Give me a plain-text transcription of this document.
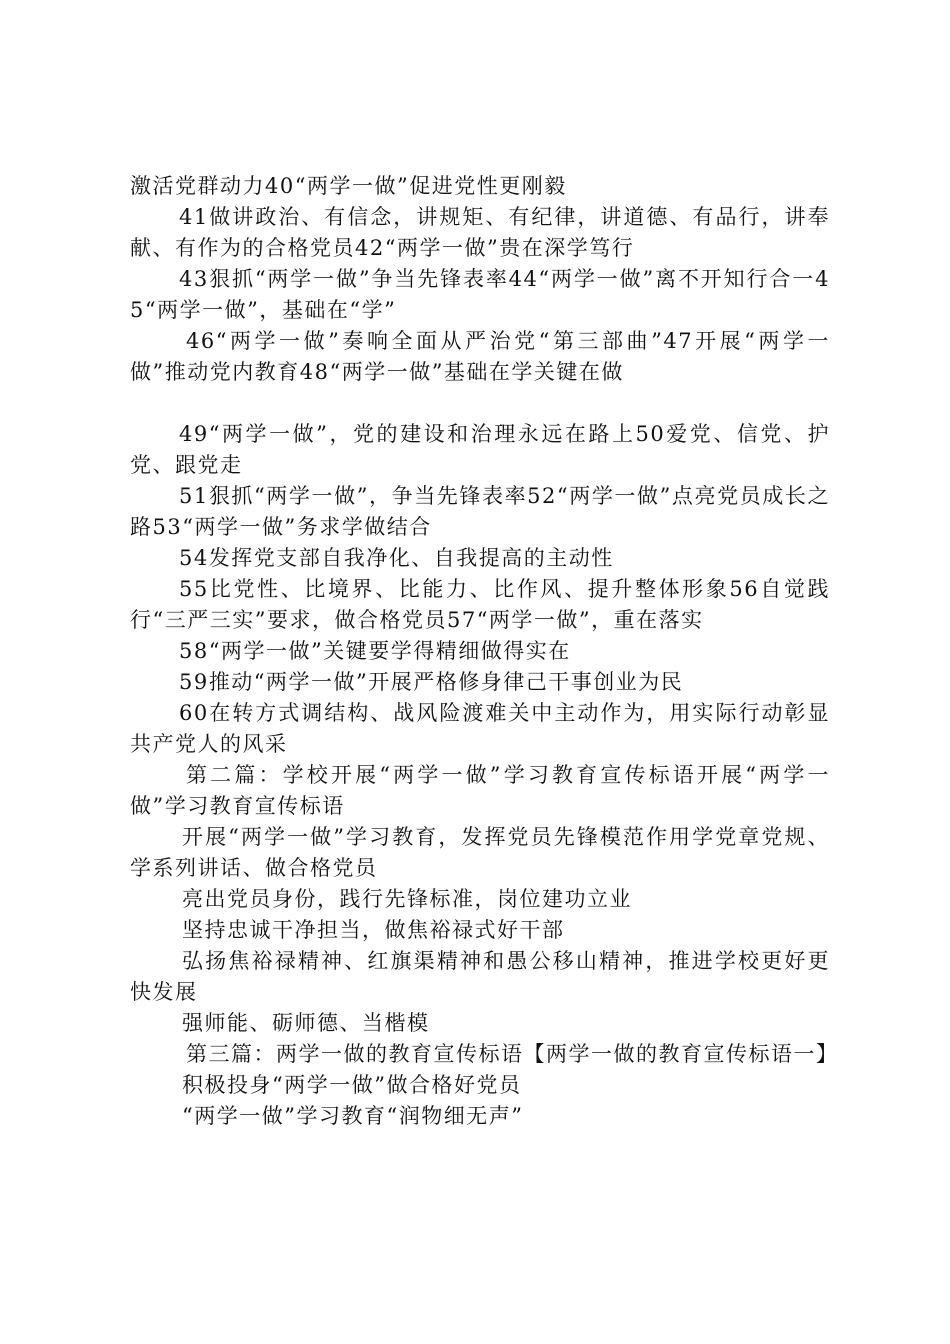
激活党群动力40“两学一做”促进党性更刚毅

41做讲政治、有信念，讲规矩、有纪律，讲道德、有品行，讲奉献、有作为的合格党员42“两学一做”贵在深学笃行

43狠抓“两学一做”争当先锋表率44“两学一做”离不开知行合一45“两学一做”，基础在“学”

46“两学一做”奏响全面从严治党“第三部曲”47开展“两学一做”推动党内教育48“两学一做”基础在学关键在做

49“两学一做”，党的建设和治理永远在路上50爱党、信党、护党、跟党走

51狠抓“两学一做”，争当先锋表率52“两学一做”点亮党员成长之路53“两学一做”务求学做结合

54发挥党支部自我净化、自我提高的主动性

55比党性、比境界、比能力、比作风、提升整体形象56自觉践行“三严三实”要求，做合格党员57“两学一做”，重在落实

58“两学一做”关键要学得精细做得实在

59推动“两学一做”开展严格修身律己干事创业为民

60在转方式调结构、战风险渡难关中主动作为，用实际行动彰显共产党人的风采

第二篇：学校开展“两学一做”学习教育宣传标语开展“两学一做”学习教育宣传标语

开展“两学一做”学习教育，发挥党员先锋模范作用学党章党规、学系列讲话、做合格党员

亮出党员身份，践行先锋标准，岗位建功立业

坚持忠诚干净担当，做焦裕禄式好干部

弘扬焦裕禄精神、红旗渠精神和愚公移山精神，推进学校更好更快发展

强师能、砺师德、当楷模

第三篇：两学一做的教育宣传标语【两学一做的教育宣传标语一】

积极投身“两学一做”做合格好党员

“两学一做”学习教育“润物细无声”
